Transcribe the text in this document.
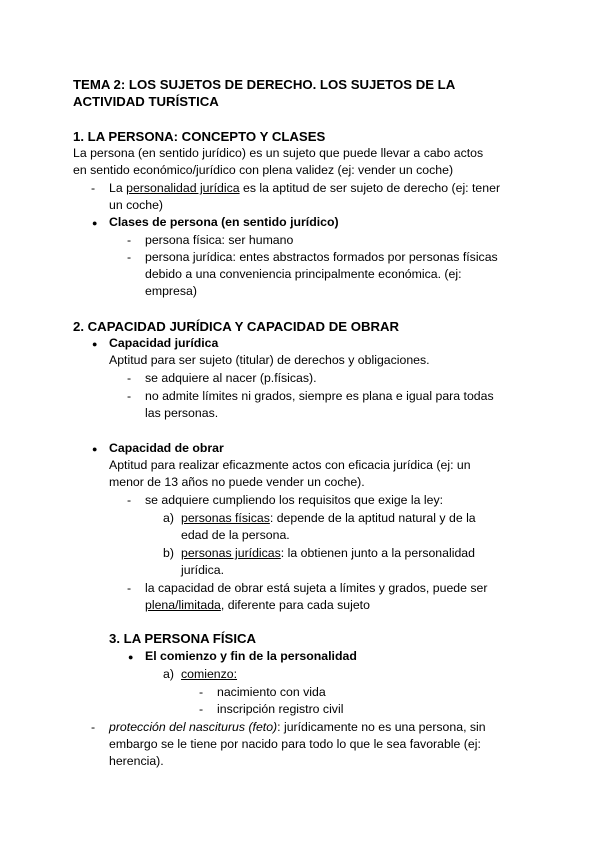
TEMA 2: LOS SUJETOS DE DERECHO. LOS SUJETOS DE LA
ACTIVIDAD TURÍSTICA
1. LA PERSONA: CONCEPTO Y CLASES
La persona (en sentido jurídico) es un sujeto que puede llevar a cabo actos
en sentido económico/jurídico con plena validez (ej: vender un coche)
- La personalidad jurídica es la aptitud de ser sujeto de derecho (ej: tener
un coche)
● Clases de persona (en sentido jurídico)
- persona física: ser humano
- persona jurídica: entes abstractos formados por personas físicas
debido a una conveniencia principalmente económica. (ej:
empresa)
2. CAPACIDAD JURÍDICA Y CAPACIDAD DE OBRAR
● Capacidad jurídica
Aptitud para ser sujeto (titular) de derechos y obligaciones.
- se adquiere al nacer (p.físicas).
- no admite límites ni grados, siempre es plana e igual para todas
las personas.
● Capacidad de obrar
Aptitud para realizar eficazmente actos con eficacia jurídica (ej: un
menor de 13 años no puede vender un coche).
- se adquiere cumpliendo los requisitos que exige la ley:
a) personas físicas: depende de la aptitud natural y de la
edad de la persona.
b) personas jurídicas: la obtienen junto a la personalidad
jurídica.
- la capacidad de obrar está sujeta a límites y grados, puede ser
plena/limitada, diferente para cada sujeto
3. LA PERSONA FÍSICA
● El comienzo y fin de la personalidad
a) comienzo:
- nacimiento con vida
- inscripción registro civil
- protección del nasciturus (feto): jurídicamente no es una persona, sin
embargo se le tiene por nacido para todo lo que le sea favorable (ej:
herencia).
